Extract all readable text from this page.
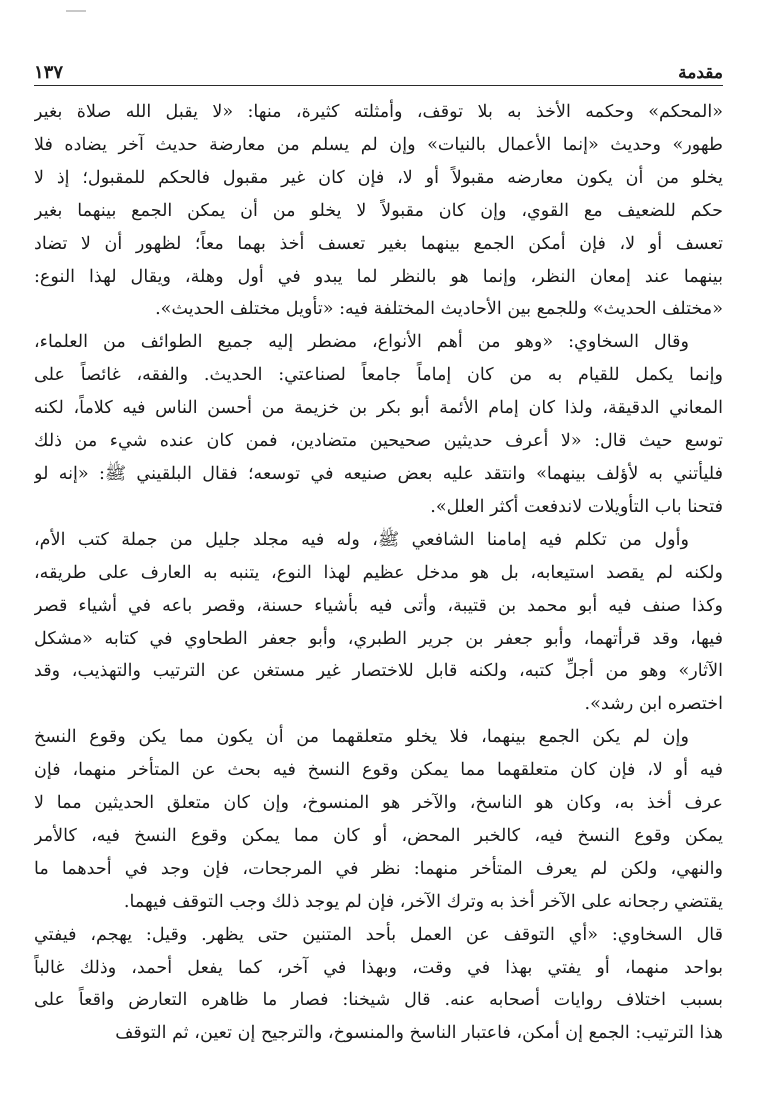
مقدمة
١٣٧
«المحكم» وحكمه الأخذ به بلا توقف، وأمثلته كثيرة، منها: «لا يقبل الله صلاة بغير
طهور» وحديث «إنما الأعمال بالنيات» وإن لم يسلم من معارضة حديث آخر يضاده فلا
يخلو من أن يكون معارضه مقبولاً أو لا، فإن كان غير مقبول فالحكم للمقبول؛ إذ لا
حكم للضعيف مع القوي، وإن كان مقبولاً لا يخلو من أن يمكن الجمع بينهما بغير
تعسف أو لا، فإن أمكن الجمع بينهما بغير تعسف أخذ بهما معاً؛ لظهور أن لا تضاد
بينهما عند إمعان النظر، وإنما هو بالنظر لما يبدو في أول وهلة، ويقال لهذا النوع:
«مختلف الحديث» وللجمع بين الأحاديث المختلفة فيه: «تأويل مختلف الحديث».
وقال السخاوي: «وهو من أهم الأنواع، مضطر إليه جميع الطوائف من العلماء،
وإنما يكمل للقيام به من كان إماماً جامعاً لصناعتي: الحديث. والفقه، غائصاً على
المعاني الدقيقة، ولذا كان إمام الأئمة أبو بكر بن خزيمة من أحسن الناس فيه كلاماً، لكنه
توسع حيث قال: «لا أعرف حديثين صحيحين متضادين، فمن كان عنده شيء من ذلك
فليأتني به لأؤلف بينهما» وانتقد عليه بعض صنيعه في توسعه؛ فقال البلقيني ﷺ: «إنه لو
فتحنا باب التأويلات لاندفعت أكثر العلل».
وأول من تكلم فيه إمامنا الشافعي ﷺ، وله فيه مجلد جليل من جملة كتب الأم،
ولكنه لم يقصد استيعابه، بل هو مدخل عظيم لهذا النوع، يتنبه به العارف على طريقه،
وكذا صنف فيه أبو محمد بن قتيبة، وأتى فيه بأشياء حسنة، وقصر باعه في أشياء قصر
فيها، وقد قرأتهما، وأبو جعفر بن جرير الطبري، وأبو جعفر الطحاوي في كتابه «مشكل
الآثار» وهو من أجلِّ كتبه، ولكنه قابل للاختصار غير مستغن عن الترتيب والتهذيب، وقد
اختصره ابن رشد».
وإن لم يكن الجمع بينهما، فلا يخلو متعلقهما من أن يكون مما يكن وقوع النسخ
فيه أو لا، فإن كان متعلقهما مما يمكن وقوع النسخ فيه بحث عن المتأخر منهما، فإن
عرف أخذ به، وكان هو الناسخ، والآخر هو المنسوخ، وإن كان متعلق الحديثين مما لا
يمكن وقوع النسخ فيه، كالخبر المحض، أو كان مما يمكن وقوع النسخ فيه، كالأمر
والنهي، ولكن لم يعرف المتأخر منهما: نظر في المرجحات، فإن وجد في أحدهما ما
يقتضي رجحانه على الآخر أخذ به وترك الآخر، فإن لم يوجد ذلك وجب التوقف فيهما.
قال السخاوي: «أي التوقف عن العمل بأحد المتنين حتى يظهر. وقيل: يهجم، فيفتي
بواحد منهما، أو يفتي بهذا في وقت، وبهذا في آخر، كما يفعل أحمد، وذلك غالباً
بسبب اختلاف روايات أصحابه عنه. قال شيخنا: فصار ما ظاهره التعارض واقعاً على
هذا الترتيب: الجمع إن أمكن، فاعتبار الناسخ والمنسوخ، والترجيح إن تعين، ثم التوقف
